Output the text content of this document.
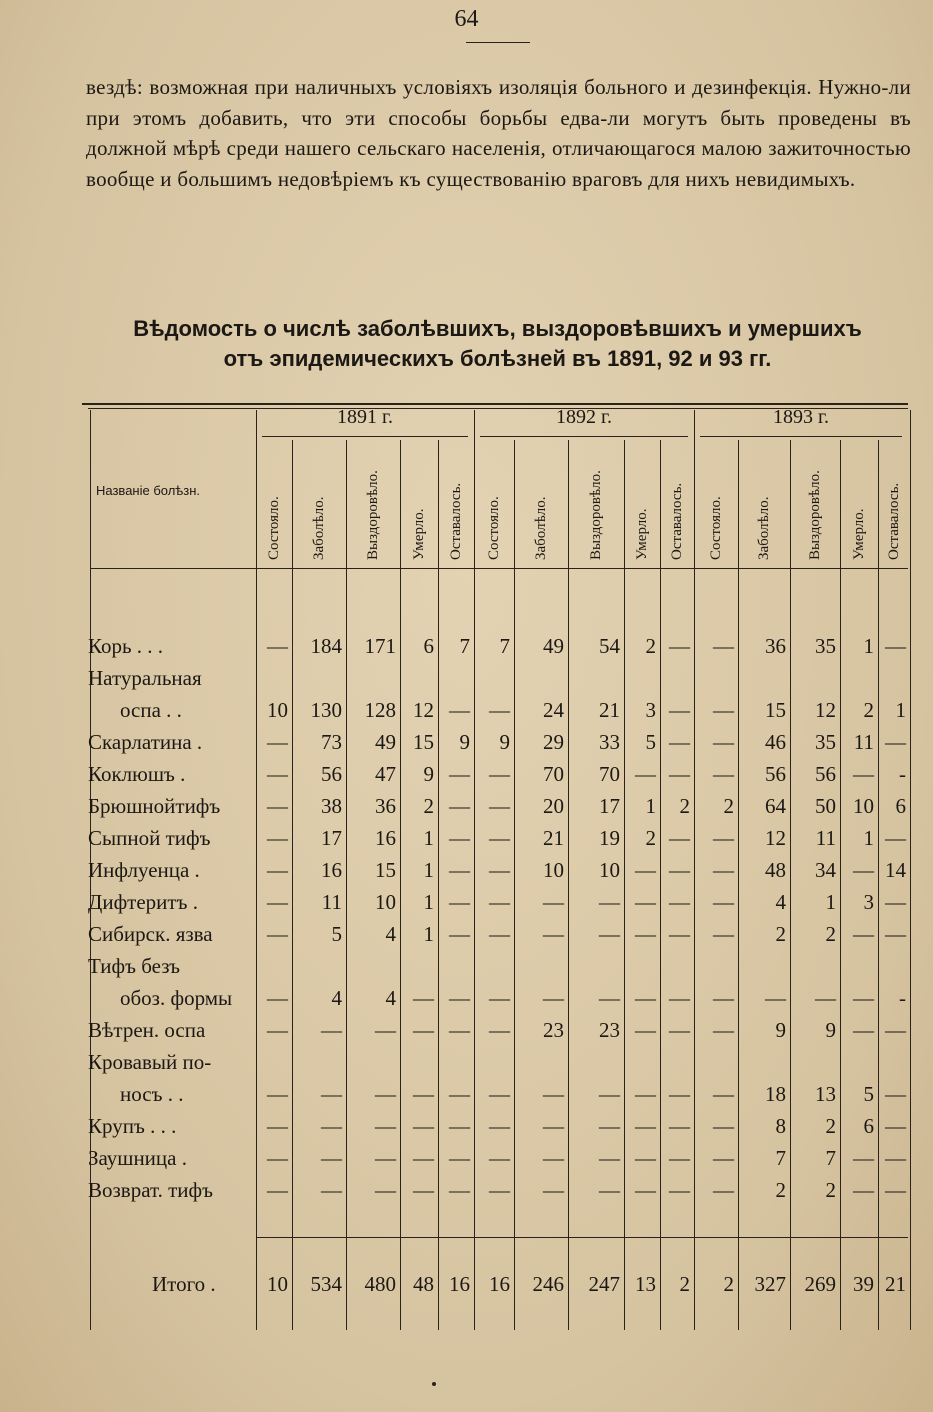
64
вездѣ: возможная при наличныхъ условіяхъ изоляція больного и дезинфекція. Нужно-ли при этомъ добавить, что эти способы борьбы едва-ли могутъ быть проведены въ должной мѣрѣ среди нашего сельскаго населенія, отличающагося малою зажиточностью вообще и большимъ недовѣріемъ къ существованію враговъ для нихъ невидимыхъ.
Вѣдомость о числѣ заболѣвшихъ, выздоровѣвшихъ и умершихъ
отъ эпидемическихъ болѣзней въ 1891, 92 и 93 гг.
Названіе болѣзн.
1891 г.	1892 г.	1893 г.
Состояло. Заболѣло.	Выздоровѣло. Умерло. Оставалось. Состояло. Заболѣло.	Выздоровѣло. Умерло. Оставалось. Состояло. Заболѣло. Выздоровѣло. Умерло. Оставалось.
Корь . . .	— 184 171 6 7 7 49 54 2 — — 36 35 1 —
Натуральная
оспа . .	10 130 128 12 — — 24 21 3 — — 15 12 2 1
Скарлатина .	— 73 49 15 9 9 29 33 5 — — 46 35 11 —
Коклюшъ .	— 56 47 9 — — 70 70 — — — 56 56 — -
Брюшнойтифъ — 38 36 2 — — 20 17 1 2 2 64 50 10 6
Сыпной тифъ	— 17 16 1 — — 21 19 2 — — 12 11 1 —
Инфлуенца .	— 16 15 1 — — 10 10 — — — 48 34 — 14
Дифтеритъ .	— 11 10 1 — — — — — — — 4 1 3 —
Сибирск. язва	— 5 4 1 — — — — — — — 2 2 — —
Тифъ безъ
обоз. формы — 4 4 — — — — — — — — — — — -
Вѣтрен. оспа	— — — — — — 23 23 — — — 9 9 — —
Кровавый по-
носъ . .	— — — — — — — — — — — 18 13 5 —
Крупъ . . .	— — — — — — — — — — — 8 2 6 —
Заушница .	— — — — — — — — — — — 7 7 — —
Возврат. тифъ	— — — — — — — — — — — 2 2 — —
Итого . 10 534 480 48 16 16 246 247 13 2 2 327 269 39 21
